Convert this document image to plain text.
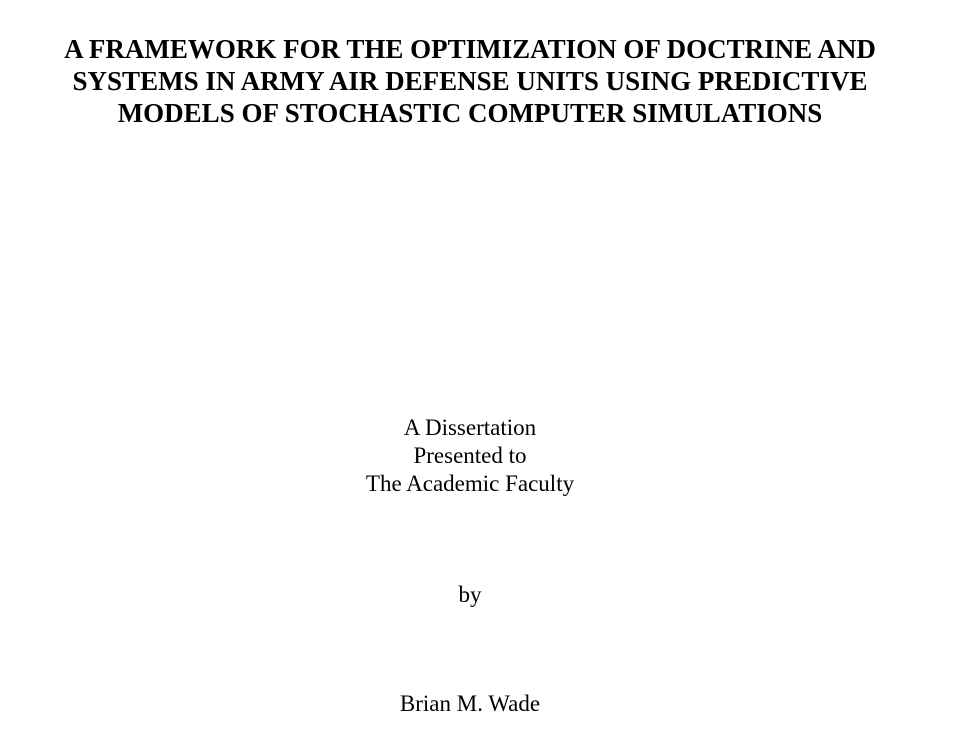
A FRAMEWORK FOR THE OPTIMIZATION OF DOCTRINE AND
SYSTEMS IN ARMY AIR DEFENSE UNITS USING PREDICTIVE
MODELS OF STOCHASTIC COMPUTER SIMULATIONS
A Dissertation
Presented to
The Academic Faculty
by
Brian M. Wade
